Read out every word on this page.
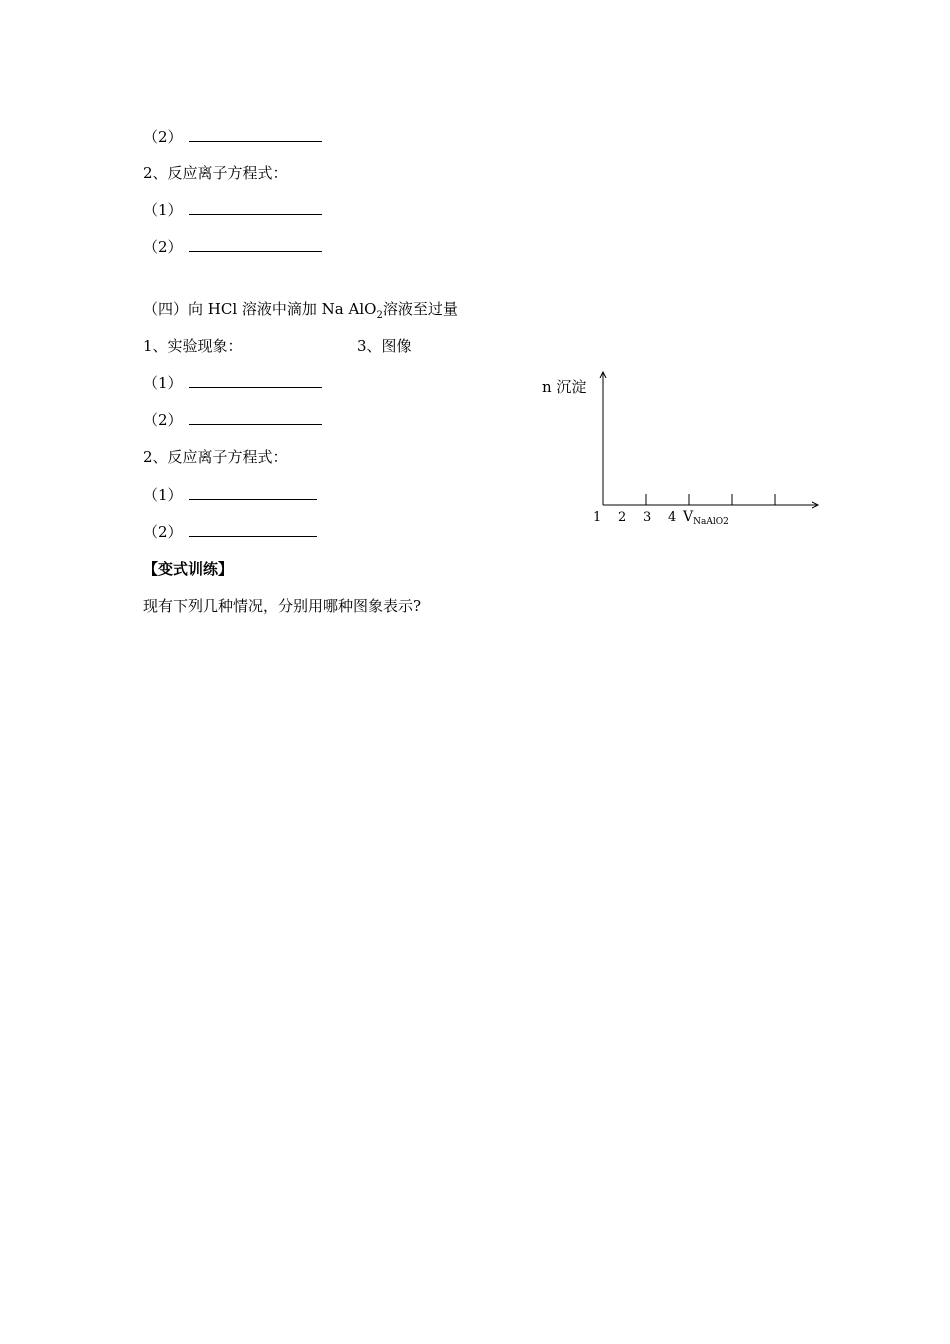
（2）
2、反应离子方程式：
（1）
（2）
（四）向 HCl 溶液中滴加 Na AlO$_2$溶液至过量
1、实验现象：	3、图像
（1）
（2）
2、反应离子方程式：
（1）
（2）
【变式训练】
现有下列几种情况，分别用哪种图象表示?
n 沉淀
1 2 3 4 $V_{NaAlO2}$
